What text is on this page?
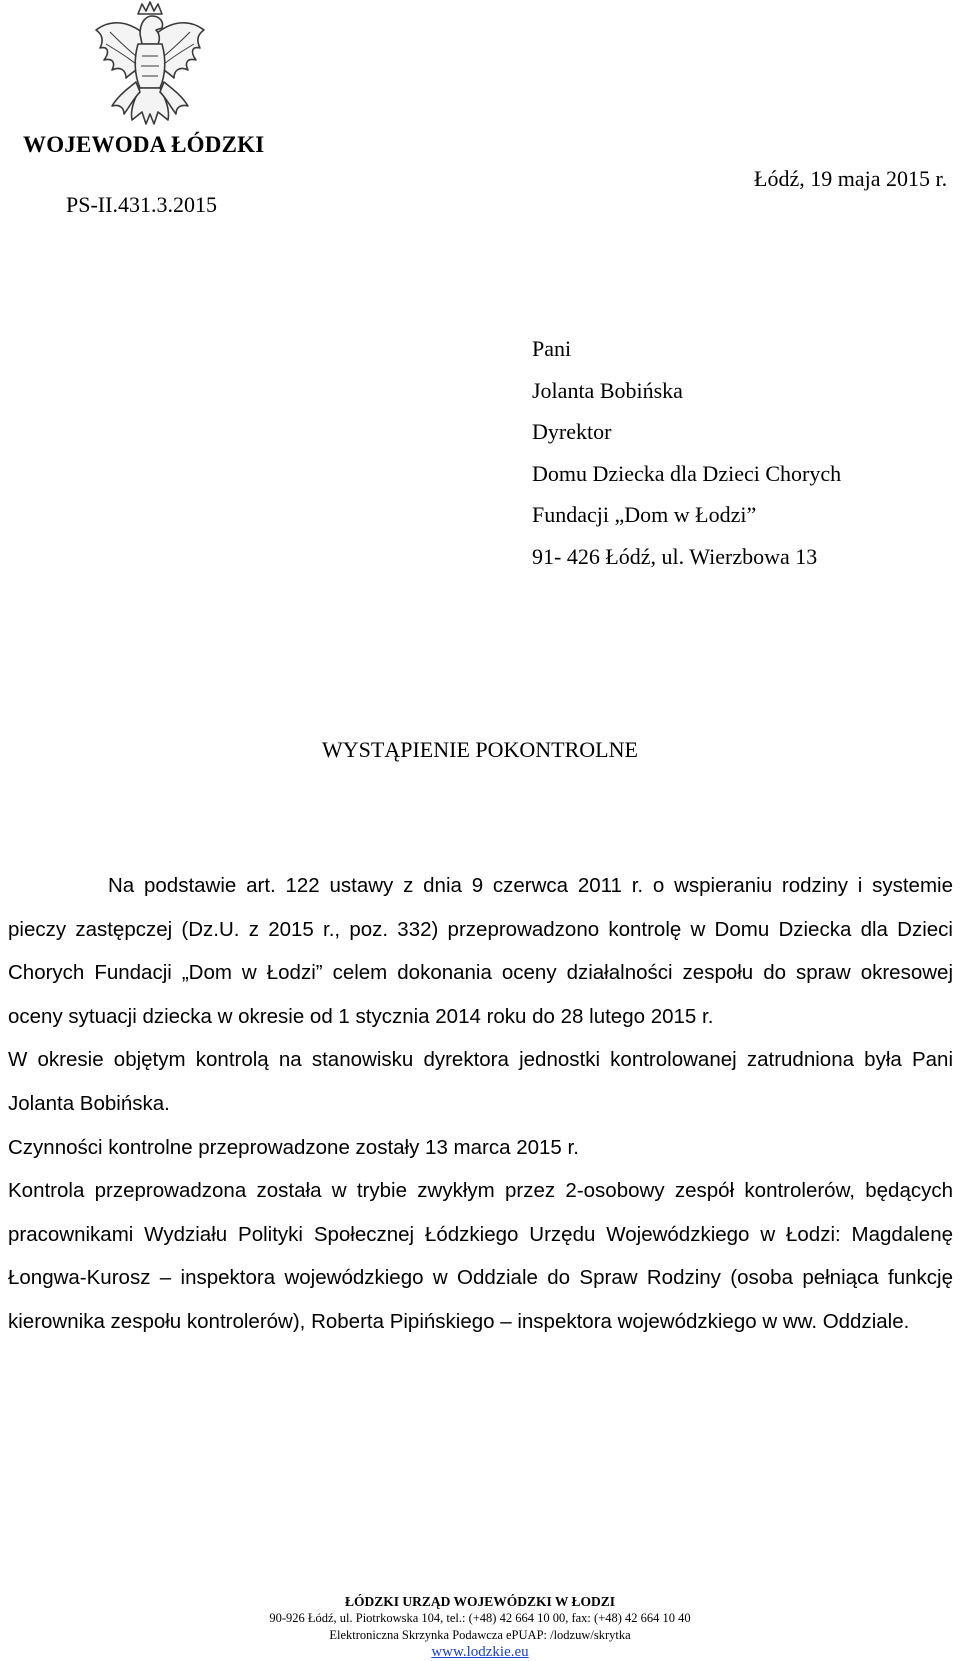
WOJEWODA ŁÓDZKI
PS-II.431.3.2015
Łódź, 19 maja 2015 r.
Pani
Jolanta Bobińska
Dyrektor
Domu Dziecka dla Dzieci Chorych
Fundacji „Dom w Łodzi”
91- 426 Łódź, ul. Wierzbowa 13
WYSTĄPIENIE POKONTROLNE

Na podstawie art. 122 ustawy z dnia 9 czerwca 2011 r. o wspieraniu rodziny i systemie pieczy zastępczej (Dz.U. z 2015 r., poz. 332) przeprowadzono kontrolę w Domu Dziecka dla Dzieci Chorych Fundacji „Dom w Łodzi” celem dokonania oceny działalności zespołu do spraw okresowej oceny sytuacji dziecka w okresie od 1 stycznia 2014 roku do 28 lutego 2015 r.

W okresie objętym kontrolą na stanowisku dyrektora jednostki kontrolowanej zatrudniona była Pani Jolanta Bobińska.

Czynności kontrolne przeprowadzone zostały 13 marca 2015 r.

Kontrola przeprowadzona została w trybie zwykłym przez 2-osobowy zespół kontrolerów, będących pracownikami Wydziału Polityki Społecznej Łódzkiego Urzędu Wojewódzkiego w Łodzi: Magdalenę Łongwa-Kurosz – inspektora wojewódzkiego w Oddziale do Spraw Rodziny (osoba pełniąca funkcję kierownika zespołu kontrolerów), Roberta Pipińskiego – inspektora wojewódzkiego w ww. Oddziale.

ŁÓDZKI URZĄD WOJEWÓDZKI W ŁODZI
90-926 Łódź, ul. Piotrkowska 104, tel.: (+48) 42 664 10 00, fax: (+48) 42 664 10 40
Elektroniczna Skrzynka Podawcza ePUAP: /lodzuw/skrytka
www.lodzkie.eu
